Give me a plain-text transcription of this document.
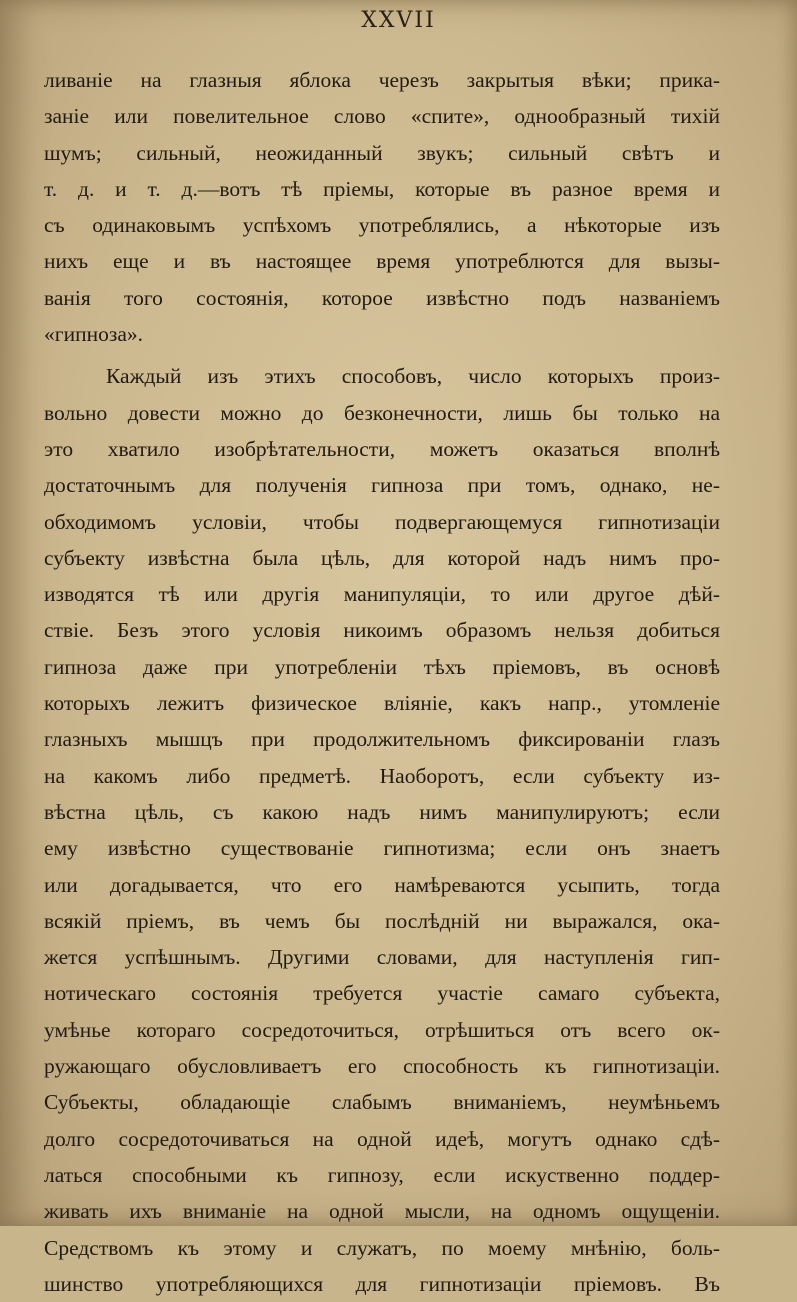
XXVII
ливанiе на глазныя яблока черезъ закрытыя вѣки; прика-
занiе или повелительное слово «спите», однообразный тихiй
шумъ; сильный, неожиданный звукъ; сильный свѣтъ и
т. д. и т. д.—вотъ тѣ прiемы, которые въ разное время и
съ одинаковымъ успѣхомъ употреблялись, а нѣкоторые изъ
нихъ еще и въ настоящее время употреблются для вызы-
ванiя того состоянiя, которое извѣстно подъ названiемъ
«гипноза».
Каждый изъ этихъ способовъ, число которыхъ произ-
вольно довести можно до безконечности, лишь бы только на
это хватило изобрѣтательности, можетъ оказаться вполнѣ
достаточнымъ для полученiя гипноза при томъ, однако, не-
обходимомъ условiи, чтобы подвергающемуся гипнотизацiи
субъекту извѣстна была цѣль, для которой надъ нимъ про-
изводятся тѣ или другiя манипуляцiи, то или другое дѣй-
ствiе. Безъ этого условiя никоимъ образомъ нельзя добиться
гипноза даже при употребленiи тѣхъ прiемовъ, въ основѣ
которыхъ лежитъ физическое влiянiе, какъ напр., утомленiе
глазныхъ мышцъ при продолжительномъ фиксированiи глазъ
на какомъ либо предметѣ. Наоборотъ, если субъекту из-
вѣстна цѣль, съ какою надъ нимъ манипулируютъ; если
ему извѣстно существованiе гипнотизма; если онъ знаетъ
или догадывается, что его намѣреваются усыпить, тогда
всякiй прiемъ, въ чемъ бы послѣднiй ни выражался, ока-
жется успѣшнымъ. Другими словами, для наступленiя гип-
нотическаго состоянiя требуется участiе самаго субъекта,
умѣнье котораго сосредоточиться, отрѣшиться отъ всего ок-
ружающаго обусловливаетъ его способность къ гипнотизацiи.
Субъекты, обладающiе слабымъ вниманiемъ, неумѣньемъ
долго сосредоточиваться на одной идеѣ, могутъ однако сдѣ-
латься способными къ гипнозу, если искуственно поддер-
живать ихъ вниманiе на одной мысли, на одномъ ощущенiи.
Средствомъ къ этому и служатъ, по моему мнѣнiю, боль-
шинство употребляющихся для гипнотизацiи прiемовъ. Въ
